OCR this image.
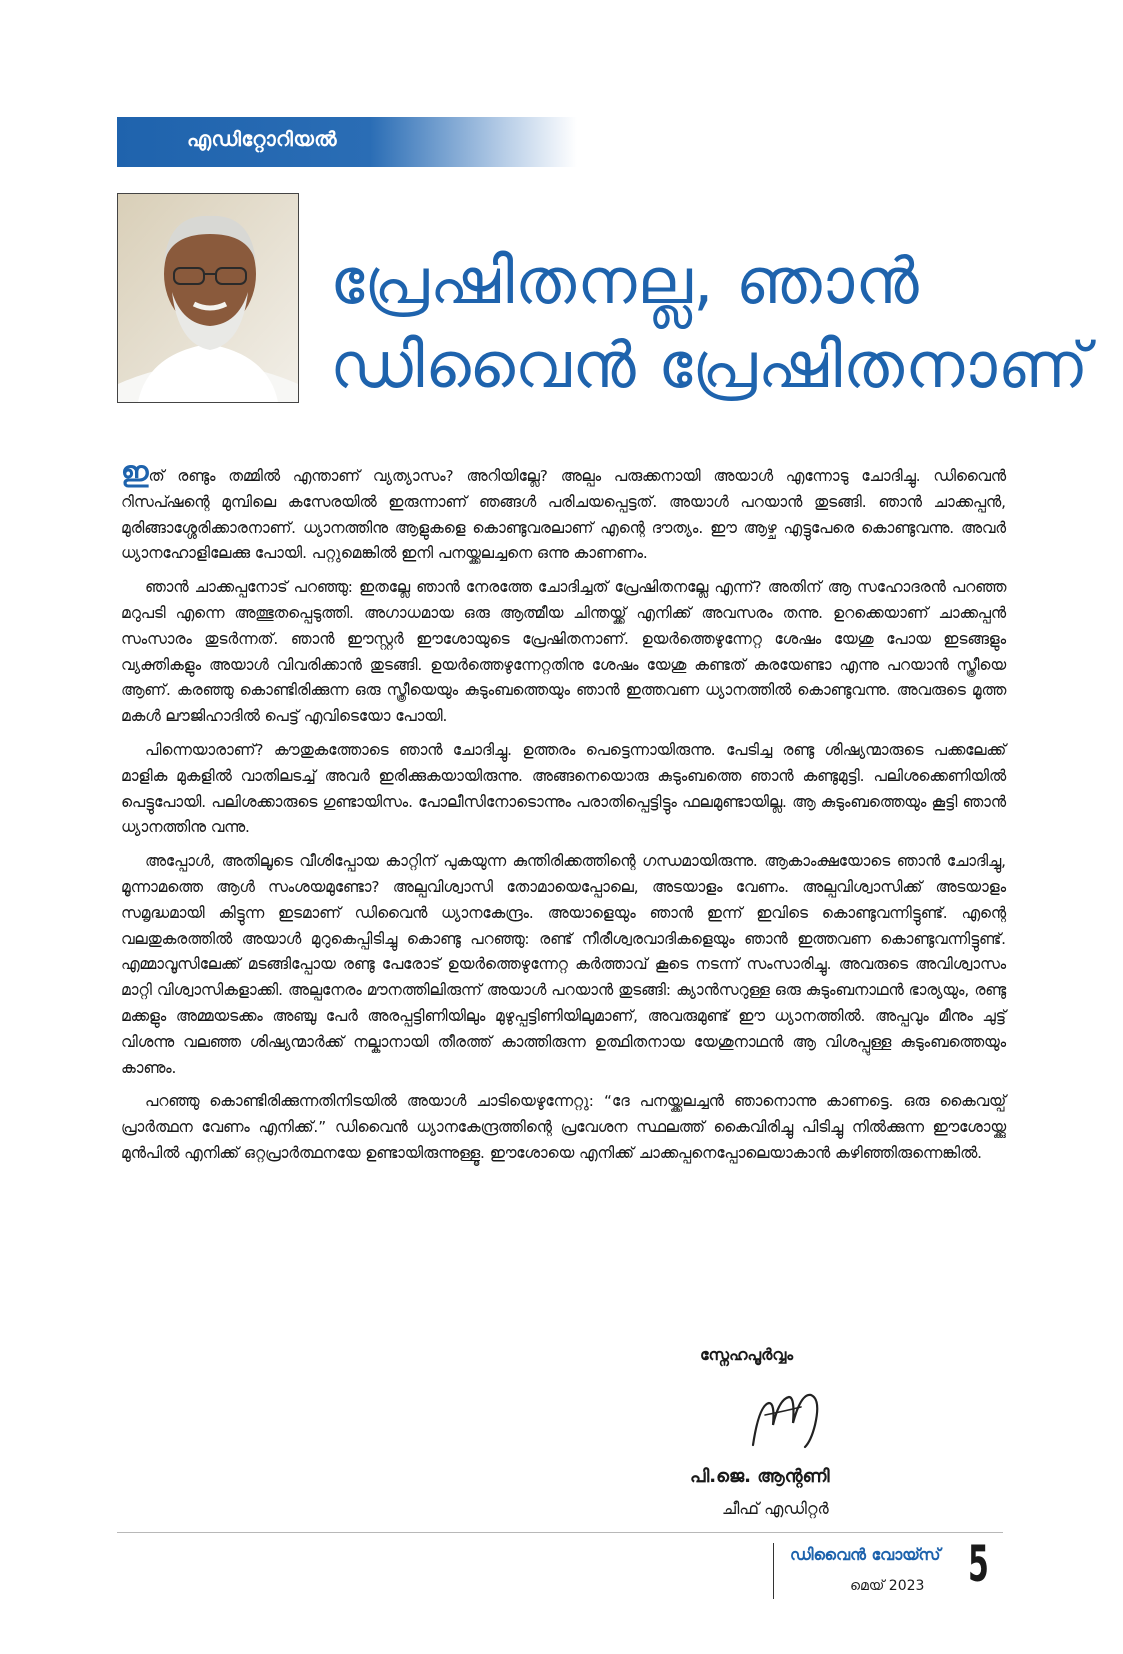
എഡിറ്റോറിയൽ
പ്രേഷിതനല്ല, ഞാൻ
ഡിവൈൻ പ്രേഷിതനാണ്

ഇത് രണ്ടും തമ്മിൽ എന്താണ് വ്യത്യാസം? അറിയില്ലേ? അല്പം പരുക്കനായി അയാൾ എന്നോടു ചോദിച്ചു. ഡിവൈൻ റിസപ്ഷന്റെ മുമ്പിലെ കസേരയിൽ ഇരുന്നാണ് ഞങ്ങൾ പരിചയപ്പെട്ടത്. അയാൾ പറയാൻ തുടങ്ങി. ഞാൻ ചാക്കപ്പൻ, മുരിങ്ങാശ്ശേരിക്കാരനാണ്. ധ്യാനത്തിനു ആളുകളെ കൊണ്ടുവരലാണ് എന്റെ ദൗത്യം. ഈ ആഴ്ച എട്ടുപേരെ കൊണ്ടുവന്നു. അവർ ധ്യാനഹോളിലേക്കു പോയി. പറ്റുമെങ്കിൽ ഇനി പനയ്ക്കലച്ചനെ ഒന്നു കാണണം.

ഞാൻ ചാക്കപ്പനോട് പറഞ്ഞു: ഇതല്ലേ ഞാൻ നേരത്തേ ചോദിച്ചത് പ്രേഷിതനല്ലേ എന്ന്? അതിന് ആ സഹോദരൻ പറഞ്ഞ മറുപടി എന്നെ അത്ഭുതപ്പെടുത്തി. അഗാധമായ ഒരു ആത്മീയ ചിന്തയ്ക്ക് എനിക്ക് അവസരം തന്നു. ഉറക്കെയാണ് ചാക്കപ്പൻ സംസാരം തുടർന്നത്. ഞാൻ ഈസ്റ്റർ ഈശോയുടെ പ്രേഷിതനാണ്. ഉയർത്തെഴുന്നേറ്റ ശേഷം യേശു പോയ ഇടങ്ങളും വ്യക്തികളും അയാൾ വിവരിക്കാൻ തുടങ്ങി. ഉയർത്തെഴുന്നേറ്റതിനു ശേഷം യേശു കണ്ടത് കരയേണ്ടാ എന്നു പറയാൻ സ്ത്രീയെ ആണ്. കരഞ്ഞു കൊണ്ടിരിക്കുന്ന ഒരു സ്ത്രീയെയും കുടുംബത്തെയും ഞാൻ ഇത്തവണ ധ്യാനത്തിൽ കൊണ്ടുവന്നു. അവരുടെ മൂത്ത മകൾ ലൗജിഹാദിൽ പെട്ട് എവിടെയോ പോയി.

പിന്നെയാരാണ്? കൗതുകത്തോടെ ഞാൻ ചോദിച്ചു. ഉത്തരം പെട്ടെന്നായിരുന്നു. പേടിച്ച രണ്ടു ശിഷ്യന്മാരുടെ പക്കലേക്ക് മാളിക മുകളിൽ വാതിലടച്ച് അവർ ഇരിക്കുകയായിരുന്നു. അങ്ങനെയൊരു കുടുംബത്തെ ഞാൻ കണ്ടുമുട്ടി. പലിശക്കെണിയിൽ പെട്ടുപോയി. പലിശക്കാരുടെ ഗുണ്ടായിസം. പോലീസിനോടൊന്നും പരാതിപ്പെട്ടിട്ടും ഫലമുണ്ടായില്ല. ആ കുടുംബത്തെയും കൂട്ടി ഞാൻ ധ്യാനത്തിനു വന്നു.

അപ്പോൾ, അതിലൂടെ വീശിപ്പോയ കാറ്റിന് പുകയുന്ന കുന്തിരിക്കത്തിന്റെ ഗന്ധമായിരുന്നു. ആകാംക്ഷയോടെ ഞാൻ ചോദിച്ചു, മൂന്നാമത്തെ ആൾ സംശയമുണ്ടോ? അല്പവിശ്വാസി തോമായെപ്പോലെ, അടയാളം വേണം. അല്പവിശ്വാസിക്ക് അടയാളം സമൃദ്ധമായി കിട്ടുന്ന ഇടമാണ് ഡിവൈൻ ധ്യാനകേന്ദ്രം. അയാളെയും ഞാൻ ഇന്ന് ഇവിടെ കൊണ്ടുവന്നിട്ടുണ്ട്. എന്റെ വലതുകരത്തിൽ അയാൾ മുറുകെപ്പിടിച്ചു കൊണ്ടു പറഞ്ഞു: രണ്ട് നീരീശ്വരവാദികളെയും ഞാൻ ഇത്തവണ കൊണ്ടുവന്നിട്ടുണ്ട്. എമ്മാവൂസിലേക്ക് മടങ്ങിപ്പോയ രണ്ടു പേരോട് ഉയർത്തെഴുന്നേറ്റ കർത്താവ് കൂടെ നടന്ന് സംസാരിച്ചു. അവരുടെ അവിശ്വാസം മാറ്റി വിശ്വാസികളാക്കി. അല്പനേരം മൗനത്തിലിരുന്ന് അയാൾ പറയാൻ തുടങ്ങി: ക്യാൻസറുള്ള ഒരു കുടുംബനാഥൻ ഭാര്യയും, രണ്ടു മക്കളും അമ്മയടക്കം അഞ്ചു പേർ അരപ്പട്ടിണിയിലും മുഴുപ്പട്ടിണിയിലുമാണ്, അവരുമുണ്ട് ഈ ധ്യാനത്തിൽ. അപ്പവും മീനും ചുട്ട് വിശന്നു വലഞ്ഞ ശിഷ്യന്മാർക്ക് നല്കാനായി തീരത്ത് കാത്തിരുന്ന ഉത്ഥിതനായ യേശുനാഥൻ ആ വിശപ്പുള്ള കുടുംബത്തെയും കാണും.

പറഞ്ഞു കൊണ്ടിരിക്കുന്നതിനിടയിൽ അയാൾ ചാടിയെഴുന്നേറ്റു: “ദേ പനയ്ക്കലച്ചൻ ഞാനൊന്നു കാണട്ടെ. ഒരു കൈവയ്പ് പ്രാർത്ഥന വേണം എനിക്ക്.” ഡിവൈൻ ധ്യാനകേന്ദ്രത്തിന്റെ പ്രവേശന സ്ഥലത്ത് കൈവിരിച്ചു പിടിച്ചു നിൽക്കുന്ന ഈശോയ്ക്കു മുൻപിൽ എനിക്ക് ഒറ്റപ്രാർത്ഥനയേ ഉണ്ടായിരുന്നുള്ളൂ. ഈശോയെ എനിക്ക് ചാക്കപ്പനെപ്പോലെയാകാൻ കഴിഞ്ഞിരുന്നെങ്കിൽ.

സ്നേഹപൂർവ്വം
പി.ജെ. ആന്റണി
ചീഫ് എഡിറ്റർ
ഡിവൈൻ വോയ്സ്
മെയ് 2023 5
